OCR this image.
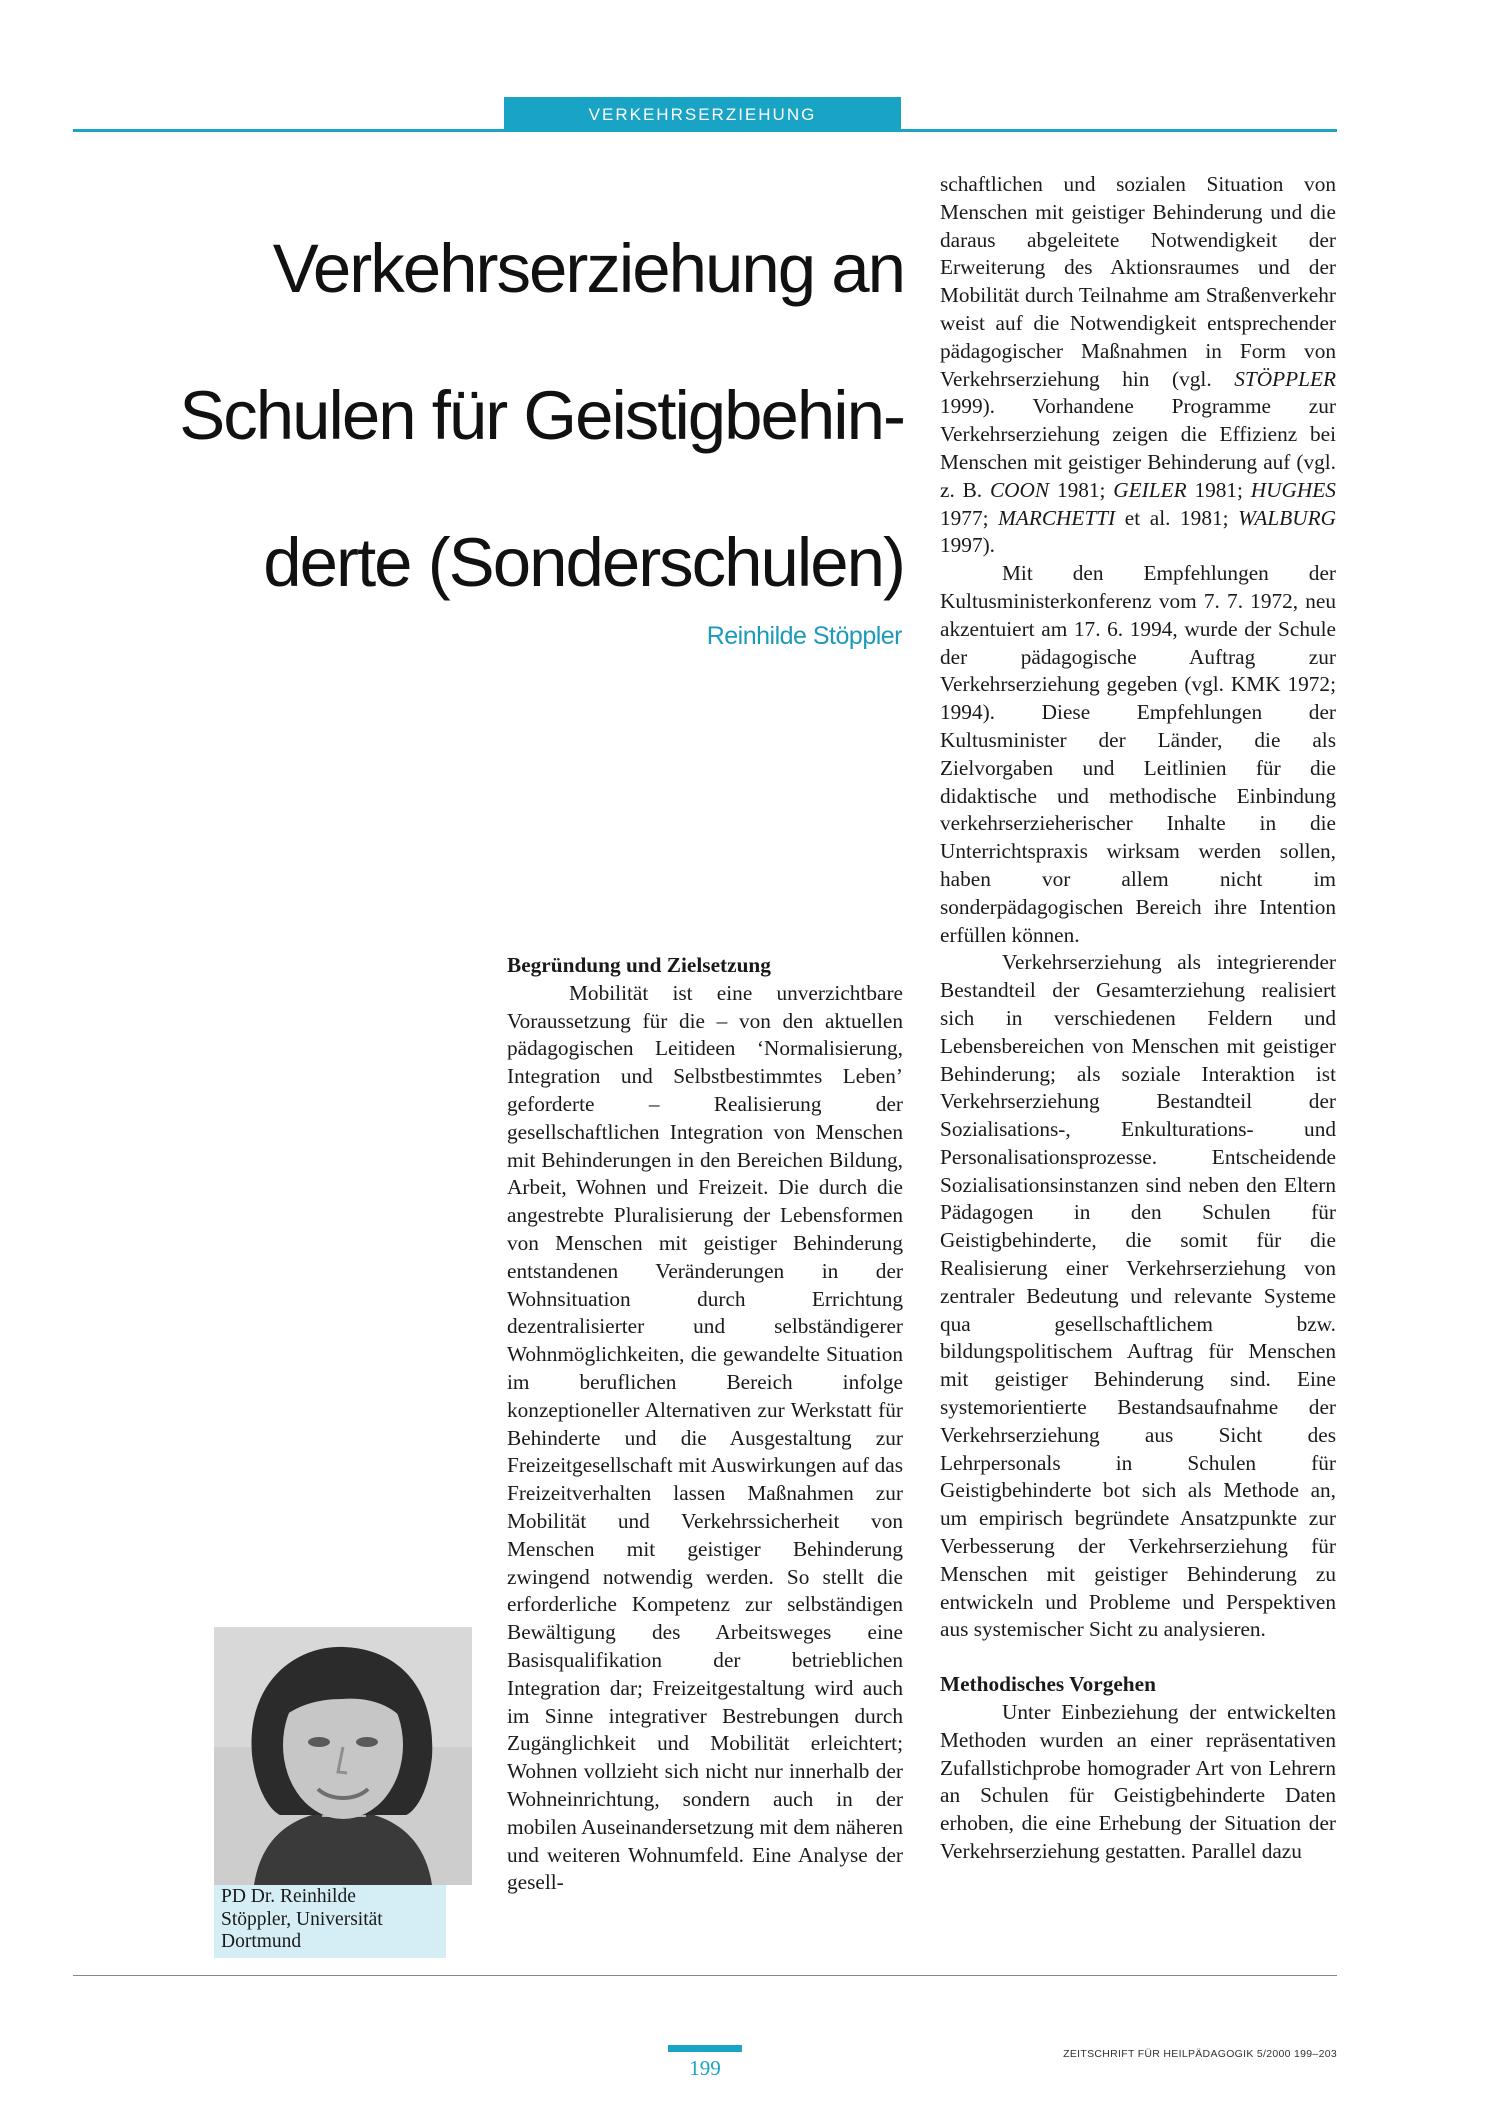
VERKEHRSERZIEHUNG
Verkehrserziehung an
Schulen für Geistigbehin-
derte (Sonderschulen)
Reinhilde Stöppler
Begründung und Zielsetzung

Mobilität ist eine unverzichtbare Voraussetzung für die – von den aktuellen pädagogischen Leitideen ‘Normalisierung, Integration und Selbstbestimmtes Leben’ geforderte – Realisierung der gesellschaftlichen Integration von Menschen mit Behinderungen in den Bereichen Bildung, Arbeit, Wohnen und Freizeit. Die durch die angestrebte Pluralisierung der Lebensformen von Menschen mit geistiger Behinderung entstandenen Veränderungen in der Wohnsituation durch Errichtung dezentralisierter und selbständigerer Wohnmöglichkeiten, die gewandelte Situation im beruflichen Bereich infolge konzeptioneller Alternativen zur Werkstatt für Behinderte und die Ausgestaltung zur Freizeitgesellschaft mit Auswirkungen auf das Freizeitverhalten lassen Maßnahmen zur Mobilität und Verkehrssicherheit von Menschen mit geistiger Behinderung zwingend notwendig werden. So stellt die erforderliche Kompetenz zur selbständigen Bewältigung des Arbeitsweges eine Basisqualifikation der betrieblichen Integration dar; Freizeitgestaltung wird auch im Sinne integrativer Bestrebungen durch Zugänglichkeit und Mobilität erleichtert; Wohnen vollzieht sich nicht nur innerhalb der Wohneinrichtung, sondern auch in der mobilen Auseinandersetzung mit dem näheren und weiteren Wohnumfeld. Eine Analyse der gesell-

schaftlichen und sozialen Situation von Menschen mit geistiger Behinderung und die daraus abgeleitete Notwendigkeit der Erweiterung des Aktionsraumes und der Mobilität durch Teilnahme am Straßenverkehr weist auf die Notwendigkeit entsprechender pädagogischer Maßnahmen in Form von Verkehrserziehung hin (vgl. STÖPPLER 1999). Vorhandene Programme zur Verkehrserziehung zeigen die Effizienz bei Menschen mit geistiger Behinderung auf (vgl. z. B. COON 1981; GEILER 1981; HUGHES 1977; MARCHETTI et al. 1981; WALBURG 1997).

Mit den Empfehlungen der Kultusministerkonferenz vom 7. 7. 1972, neu akzentuiert am 17. 6. 1994, wurde der Schule der pädagogische Auftrag zur Verkehrserziehung gegeben (vgl. KMK 1972; 1994). Diese Empfehlungen der Kultusminister der Länder, die als Zielvorgaben und Leitlinien für die didaktische und methodische Einbindung verkehrserzieherischer Inhalte in die Unterrichtspraxis wirksam werden sollen, haben vor allem nicht im sonderpädagogischen Bereich ihre Intention erfüllen können.

Verkehrserziehung als integrierender Bestandteil der Gesamterziehung realisiert sich in verschiedenen Feldern und Lebensbereichen von Menschen mit geistiger Behinderung; als soziale Interaktion ist Verkehrserziehung Bestandteil der Sozialisations-, Enkulturations- und Personalisationsprozesse. Entscheidende Sozialisationsinstanzen sind neben den Eltern Pädagogen in den Schulen für Geistigbehinderte, die somit für die Realisierung einer Verkehrserziehung von zentraler Bedeutung und relevante Systeme qua gesellschaftlichem bzw. bildungspolitischem Auftrag für Menschen mit geistiger Behinderung sind. Eine systemorientierte Bestandsaufnahme der Verkehrserziehung aus Sicht des Lehrpersonals in Schulen für Geistigbehinderte bot sich als Methode an, um empirisch begründete Ansatzpunkte zur Verbesserung der Verkehrserziehung für Menschen mit geistiger Behinderung zu entwickeln und Probleme und Perspektiven aus systemischer Sicht zu analysieren.

Methodisches Vorgehen

Unter Einbeziehung der entwickelten Methoden wurden an einer repräsentativen Zufallstichprobe homograder Art von Lehrern an Schulen für Geistigbehinderte Daten erhoben, die eine Erhebung der Situation der Verkehrserziehung gestatten. Parallel dazu

PD Dr. Reinhilde
Stöppler, Universität
Dortmund
199
ZEITSCHRIFT FÜR HEILPÄDAGOGIK 5/2000 199–203
